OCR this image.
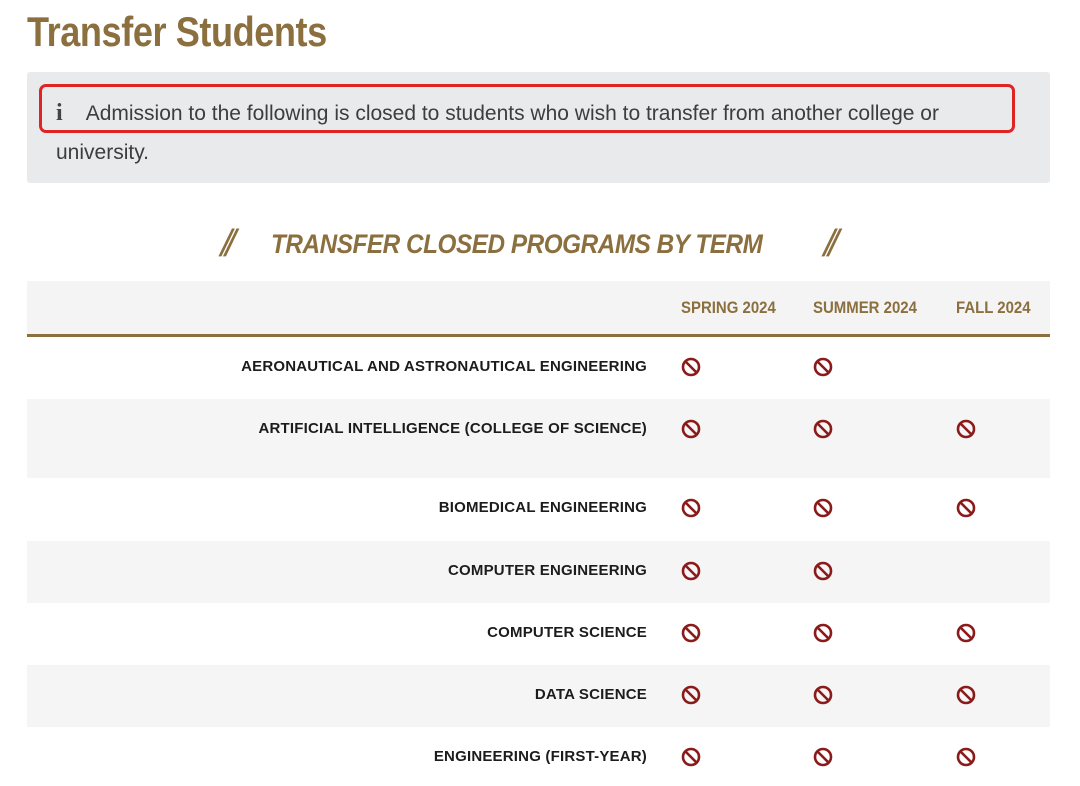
Transfer Students

i Admission to the following is closed to students who wish to transfer from another college or university.

// TRANSFER CLOSED PROGRAMS BY TERM //
SPRING 2024 SUMMER 2024 FALL 2024
AERONAUTICAL AND ASTRONAUTICAL ENGINEERING
ARTIFICIAL INTELLIGENCE (COLLEGE OF SCIENCE)
BIOMEDICAL ENGINEERING
COMPUTER ENGINEERING
COMPUTER SCIENCE
DATA SCIENCE
ENGINEERING (FIRST-YEAR)
